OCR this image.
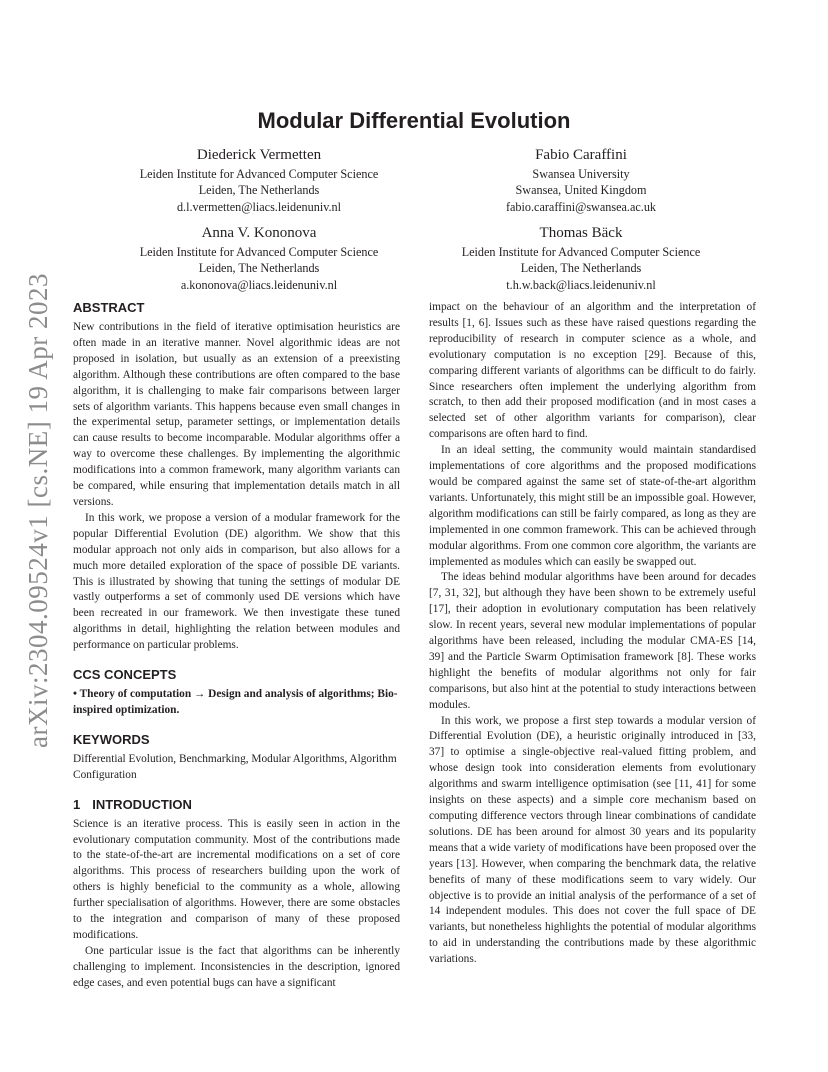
arXiv:2304.09524v1 [cs.NE] 19 Apr 2023
Modular Differential Evolution
Diederick Vermetten
Leiden Institute for Advanced Computer Science
Leiden, The Netherlands
d.l.vermetten@liacs.leidenuniv.nl
Fabio Caraffini
Swansea University
Swansea, United Kingdom
fabio.caraffini@swansea.ac.uk
Anna V. Kononova
Leiden Institute for Advanced Computer Science
Leiden, The Netherlands
a.kononova@liacs.leidenuniv.nl
Thomas Bäck
Leiden Institute for Advanced Computer Science
Leiden, The Netherlands
t.h.w.back@liacs.leidenuniv.nl
ABSTRACT

New contributions in the field of iterative optimisation heuristics are often made in an iterative manner. Novel algorithmic ideas are not proposed in isolation, but usually as an extension of a preexisting algorithm. Although these contributions are often compared to the base algorithm, it is challenging to make fair comparisons between larger sets of algorithm variants. This happens because even small changes in the experimental setup, parameter settings, or implementation details can cause results to become incomparable. Modular algorithms offer a way to overcome these challenges. By implementing the algorithmic modifications into a common framework, many algorithm variants can be compared, while ensuring that implementation details match in all versions.

In this work, we propose a version of a modular framework for the popular Differential Evolution (DE) algorithm. We show that this modular approach not only aids in comparison, but also allows for a much more detailed exploration of the space of possible DE variants. This is illustrated by showing that tuning the settings of modular DE vastly outperforms a set of commonly used DE versions which have been recreated in our framework. We then investigate these tuned algorithms in detail, highlighting the relation between modules and performance on particular problems.

CCS CONCEPTS

• Theory of computation → Design and analysis of algorithms; Bio-inspired optimization.

KEYWORDS

Differential Evolution, Benchmarking, Modular Algorithms, Algorithm Configuration

1 INTRODUCTION

Science is an iterative process. This is easily seen in action in the evolutionary computation community. Most of the contributions made to the state-of-the-art are incremental modifications on a set of core algorithms. This process of researchers building upon the work of others is highly beneficial to the community as a whole, allowing further specialisation of algorithms. However, there are some obstacles to the integration and comparison of many of these proposed modifications.

One particular issue is the fact that algorithms can be inherently challenging to implement. Inconsistencies in the description, ignored edge cases, and even potential bugs can have a significant

impact on the behaviour of an algorithm and the interpretation of results [1, 6]. Issues such as these have raised questions regarding the reproducibility of research in computer science as a whole, and evolutionary computation is no exception [29]. Because of this, comparing different variants of algorithms can be difficult to do fairly. Since researchers often implement the underlying algorithm from scratch, to then add their proposed modification (and in most cases a selected set of other algorithm variants for comparison), clear comparisons are often hard to find.

In an ideal setting, the community would maintain standardised implementations of core algorithms and the proposed modifications would be compared against the same set of state-of-the-art algorithm variants. Unfortunately, this might still be an impossible goal. However, algorithm modifications can still be fairly compared, as long as they are implemented in one common framework. This can be achieved through modular algorithms. From one common core algorithm, the variants are implemented as modules which can easily be swapped out.

The ideas behind modular algorithms have been around for decades [7, 31, 32], but although they have been shown to be extremely useful [17], their adoption in evolutionary computation has been relatively slow. In recent years, several new modular implementations of popular algorithms have been released, including the modular CMA-ES [14, 39] and the Particle Swarm Optimisation framework [8]. These works highlight the benefits of modular algorithms not only for fair comparisons, but also hint at the potential to study interactions between modules.

In this work, we propose a first step towards a modular version of Differential Evolution (DE), a heuristic originally introduced in [33, 37] to optimise a single-objective real-valued fitting problem, and whose design took into consideration elements from evolutionary algorithms and swarm intelligence optimisation (see [11, 41] for some insights on these aspects) and a simple core mechanism based on computing difference vectors through linear combinations of candidate solutions. DE has been around for almost 30 years and its popularity means that a wide variety of modifications have been proposed over the years [13]. However, when comparing the benchmark data, the relative benefits of many of these modifications seem to vary widely. Our objective is to provide an initial analysis of the performance of a set of 14 independent modules. This does not cover the full space of DE variants, but nonetheless highlights the potential of modular algorithms to aid in understanding the contributions made by these algorithmic variations.
